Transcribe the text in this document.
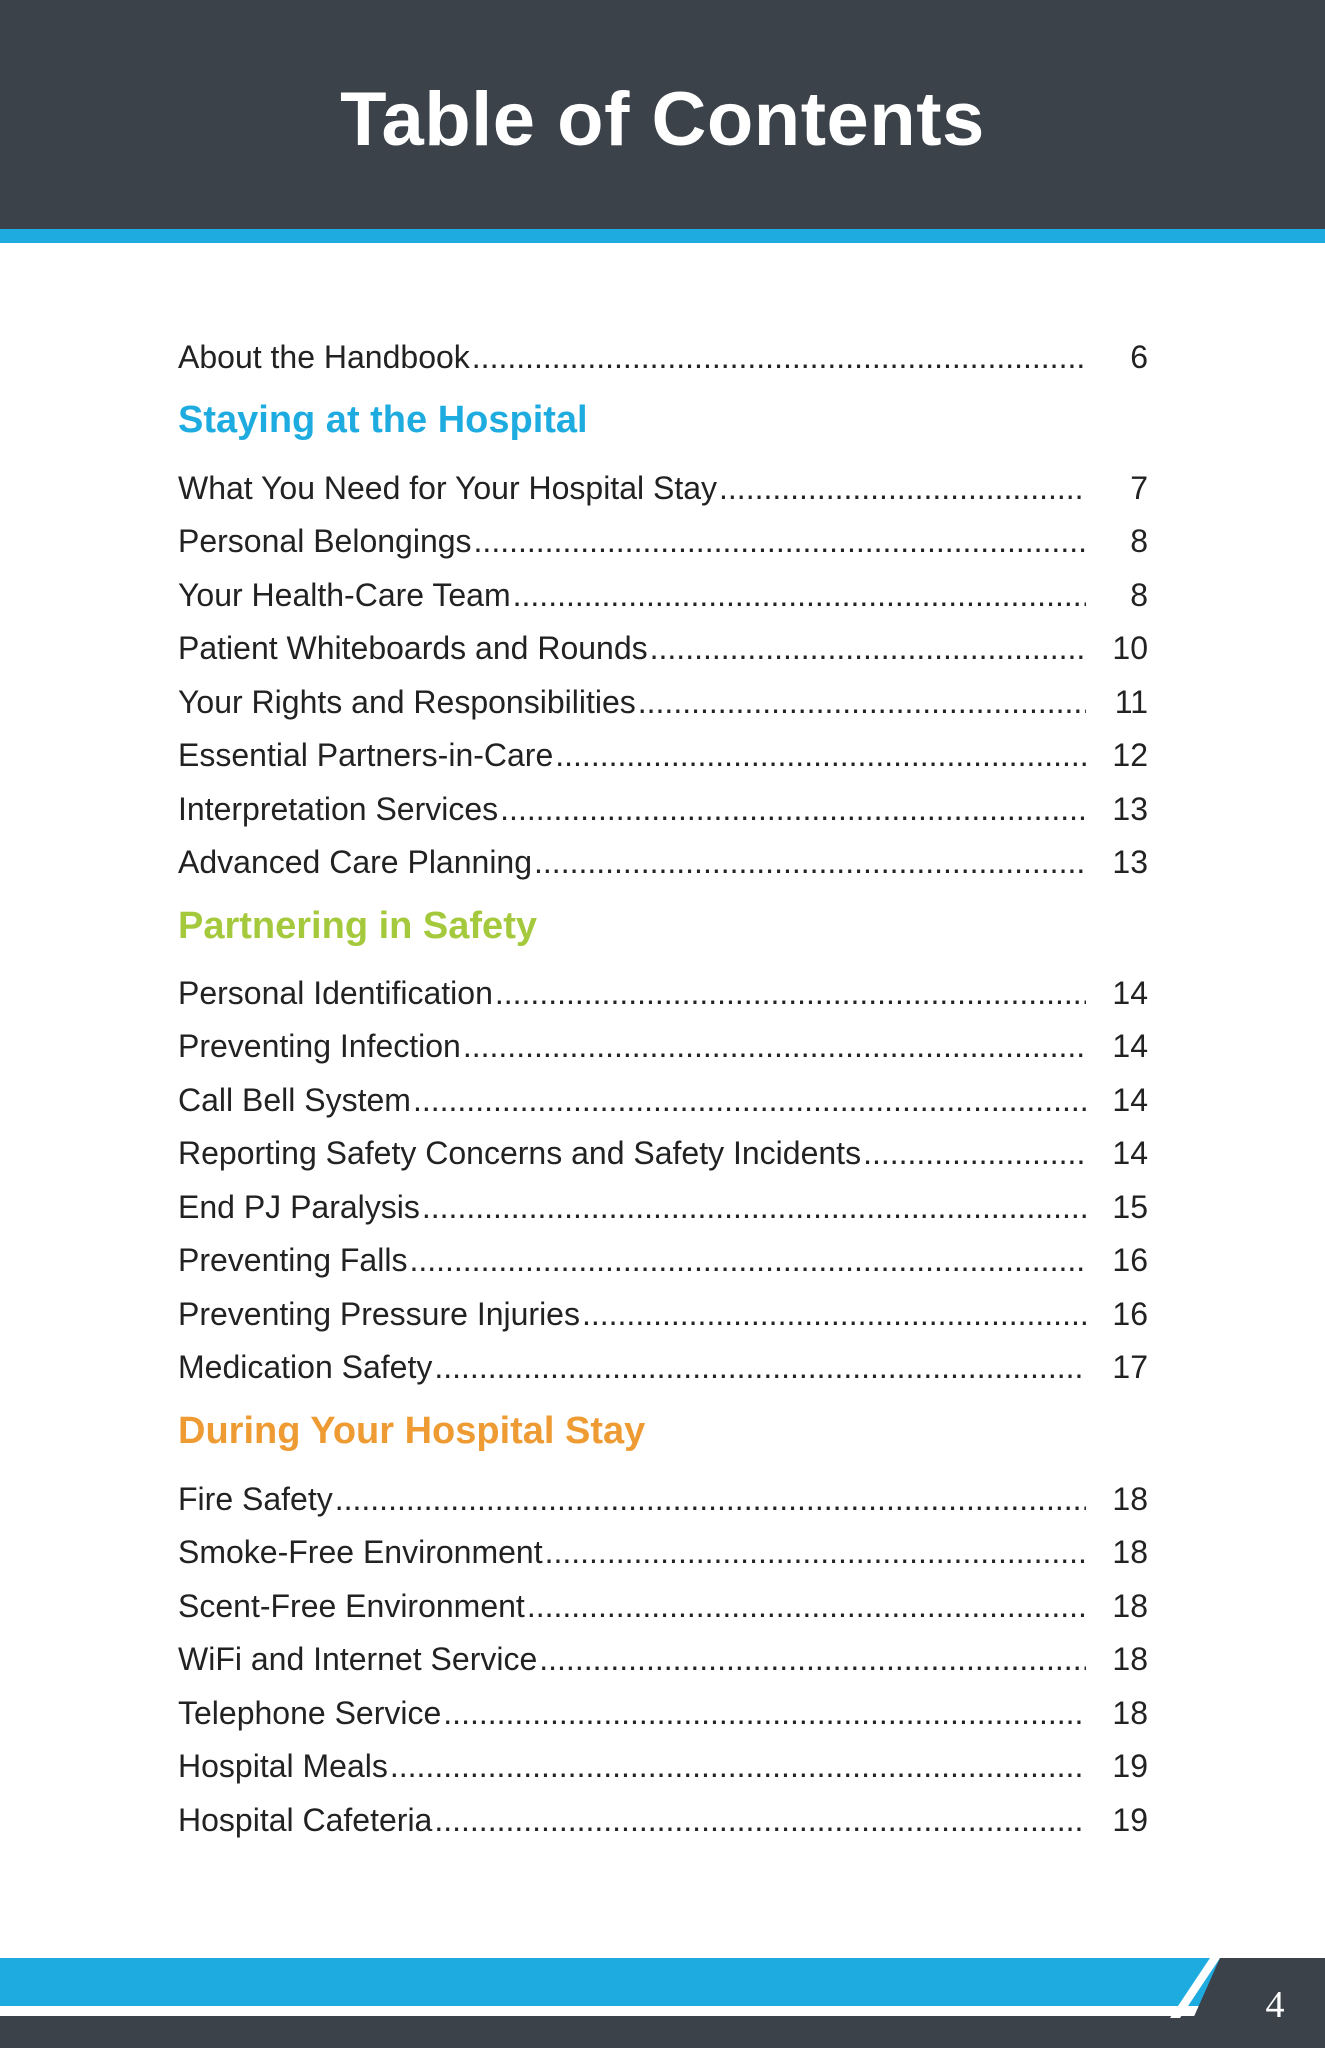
Table of Contents
About the Handbook .....	6
Staying at the Hospital
What You Need for Your Hospital Stay .....	7
Personal Belongings .....	8
Your Health-Care Team .....	8
Patient Whiteboards and Rounds .....	10
Your Rights and Responsibilities .....	11
Essential Partners-in-Care .....	12
Interpretation Services .....	13
Advanced Care Planning .....	13
Partnering in Safety
Personal Identification .....	14
Preventing Infection .....	14
Call Bell System .....	14
Reporting Safety Concerns and Safety Incidents .....	14
End PJ Paralysis .....	15
Preventing Falls .....	16
Preventing Pressure Injuries .....	16
Medication Safety .....	17
During Your Hospital Stay
Fire Safety .....	18
Smoke-Free Environment .....	18
Scent-Free Environment .....	18
WiFi and Internet Service .....	18
Telephone Service .....	18
Hospital Meals .....	19
Hospital Cafeteria .....	19
4
